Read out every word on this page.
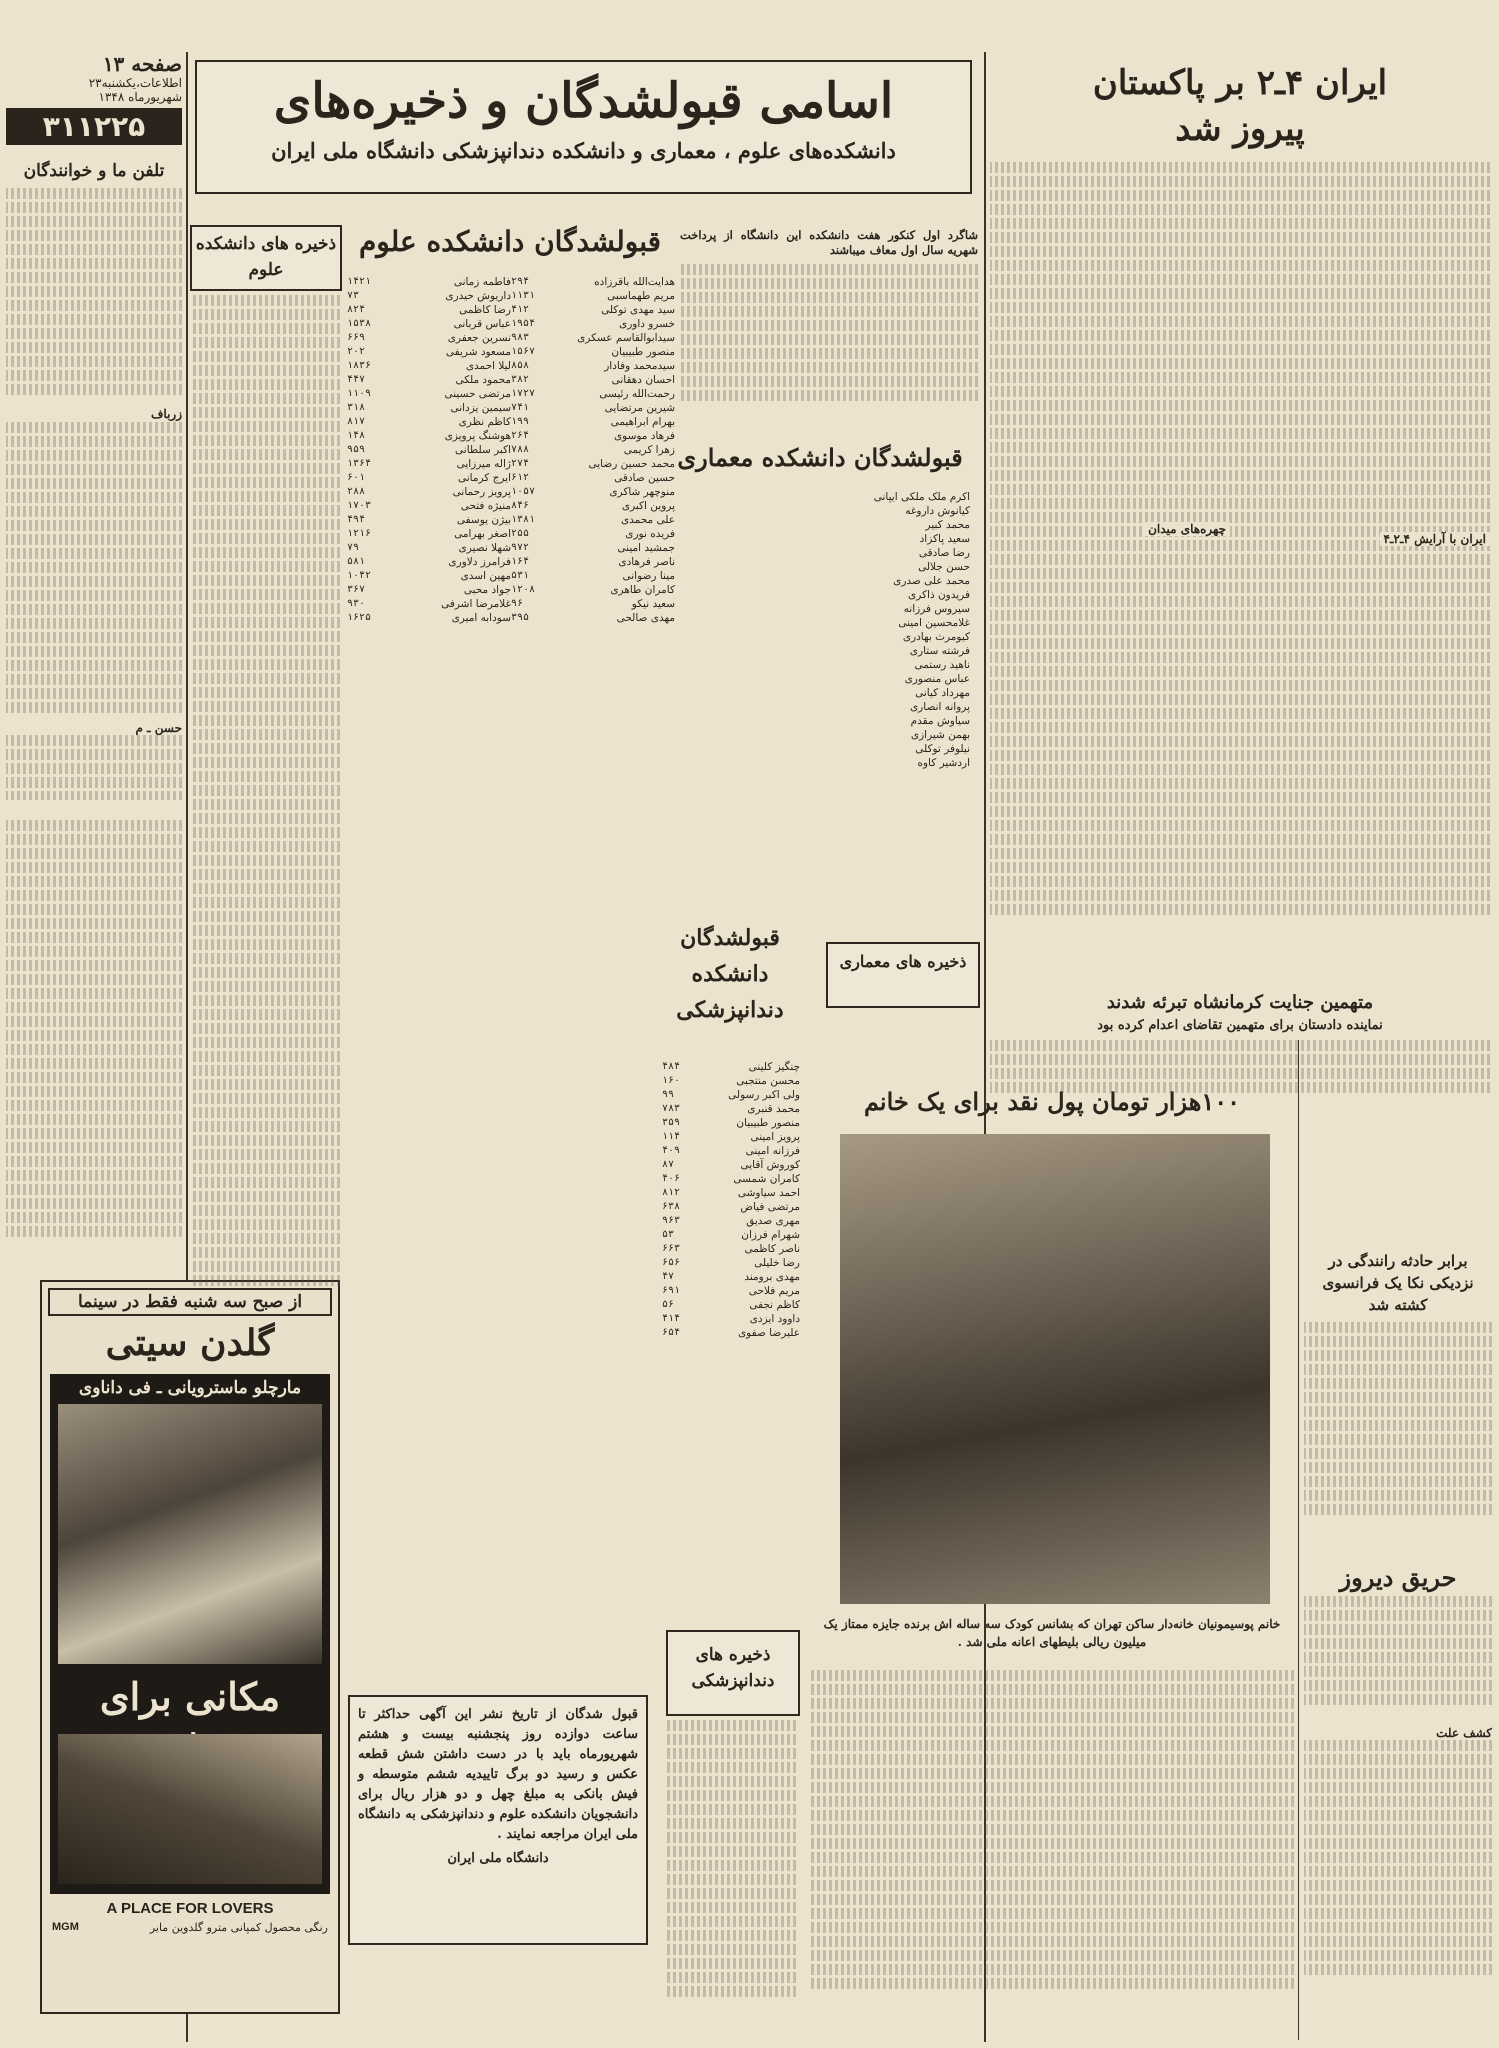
صفحه ۱۳
اطلاعات،یکشنبه۲۳
شهریورماه ۱۳۴۸
۳۱۱۲۲۵
تلفن ما و خوانندگان
زرباف
حسن ـ م
از صبح سه شنبه فقط در سینما
گلدن سیتی
مارچلو ماسترویانی ـ فی داناوی
مکانی برای
A PLACE FOR LOVERS
رنگی محصول کمپانی مترو گلدوین مایر
MGM
اسامی قبولشدگان و ذخیره‌های
دانشکده‌های علوم ، معماری و دانشکده دندانپزشکی دانشگاه ملی ایران
ذخیره های دانشکده علوم
قبولشدگان دانشکده علوم
هدایت‌الله باقرزاده
مریم طهماسبی
سید مهدی توکلی
خسرو داوری
سیدابوالقاسم عسکری
منصور طبیبیان
سیدمحمد وفادار
احسان دهقانی
رحمت‌الله رئیسی
شیرین مرتضایی
بهرام ابراهیمی
فرهاد موسوی
زهرا کریمی
محمد حسین رضایی
حسین صادقی
منوچهر شاکری
پروین اکبری
علی محمدی
فریده نوری
جمشید امینی
ناصر فرهادی
مینا رضوانی
کامران طاهری
سعید نیکو
مهدی صالحی
۲۹۴
۱۱۳۱
۴۱۲
۱۹۵۴
۹۸۳
۱۵۶۷
۸۵۸
۳۸۲
۱۷۲۷
۷۴۱
۱۹۹
۲۶۴
۷۸۸
۲۷۴
۶۱۲
۱۰۵۷
۸۴۶
۱۳۸۱
۲۵۵
۹۷۲
۱۶۴
۵۳۱
۱۲۰۸
۹۶
۳۹۵
فاطمه زمانی
داریوش حیدری
رضا کاظمی
عباس قربانی
نسرین جعفری
مسعود شریفی
لیلا احمدی
محمود ملکی
مرتضی حسینی
سیمین یزدانی
کاظم نظری
هوشنگ پرویزی
اکبر سلطانی
ژاله میرزایی
ایرج کرمانی
پرویز رحمانی
منیژه فتحی
بیژن یوسفی
اصغر بهرامی
شهلا نصیری
فرامرز دلاوری
مهین اسدی
جواد محبی
غلامرضا اشرفی
سودابه امیری
۱۴۲۱
۷۳
۸۲۴
۱۵۳۸
۶۶۹
۲۰۲
۱۸۳۶
۴۴۷
۱۱۰۹
۳۱۸
۸۱۷
۱۴۸
۹۵۹
۱۳۶۴
۶۰۱
۲۸۸
۱۷۰۳
۴۹۴
۱۲۱۶
۷۹
۵۸۱
۱۰۴۲
۳۶۷
۹۳۰
۱۶۲۵
قبول شدگان از تاریخ نشر این آگهی حداکثر تا ساعت دوازده روز پنجشنبه بیست و هشتم شهریورماه باید با در دست داشتن شش قطعه عکس و رسید دو برگ تاییدیه ششم متوسطه و فیش بانکی به مبلغ چهل و دو هزار ریال برای دانشجویان دانشکده علوم و دندانپزشکی به دانشگاه ملی ایران مراجعه نمایند .
دانشگاه ملی ایران
شاگرد اول کنکور هفت دانشکده این دانشگاه از پرداخت شهریه سال اول معاف میباشند
قبولشدگان دانشکده معماری
اکرم ملک ملکی ایپانی
کیانوش داروغه
محمد کبیر
سعید پاکزاد
رضا صادقی
حسن جلالی
محمد علی صدری
فریدون ذاکری
سیروس فرزانه
غلامحسین امینی
کیومرث بهادری
فرشته ستاری
ناهید رستمی
عباس منصوری
مهرداد کیانی
پروانه انصاری
سیاوش مقدم
بهمن شیرازی
نیلوفر توکلی
اردشیر کاوه
قبولشدگان دانشکده دندانپزشکی
چنگیز کلینی
محسن منتجبی
ولی اکبر رسولی
محمد قنبری
منصور طبیبیان
پرویز امینی
فرزانه امینی
کوروش آقایی
کامران شمسی
احمد سیاوشی
مرتضی فیاض
مهری صدیق
شهرام فرزان
ناصر کاظمی
رضا خلیلی
مهدی برومند
مریم فلاحی
کاظم نجفی
داوود ایزدی
علیرضا صفوی
۴۸۴
۱۶۰
۹۹
۷۸۳
۳۵۹
۱۱۴
۴۰۹
۸۷
۴۰۶
۸۱۲
۶۳۸
۹۶۳
۵۳
۶۶۳
۶۵۶
۴۷
۶۹۱
۵۶
۴۱۴
۶۵۴
ذخیره های دندانپزشکی
ایران ۴ـ۲ بر پاکستان
پیروز شد
ایران با آرایش ۴ـ۲ـ۴
چهره‌های میدان
ذخیره های معماری
متهمین جنایت کرمانشاه تبرئه شدند
نماینده دادستان برای متهمین تقاضای اعدام کرده بود
۱۰۰هزار تومان پول نقد برای یک خانم
خانم پوسیمونیان خانه‌دار ساکن تهران که بشانس کودک سه ساله اش برنده جایزه ممتاز یک میلیون ریالی بلیطهای اعانه ملی شد .
برابر حادثه رانندگی در نزدیکی نکا یک فرانسوی کشته شد
حریق دیروز
کشف علت
